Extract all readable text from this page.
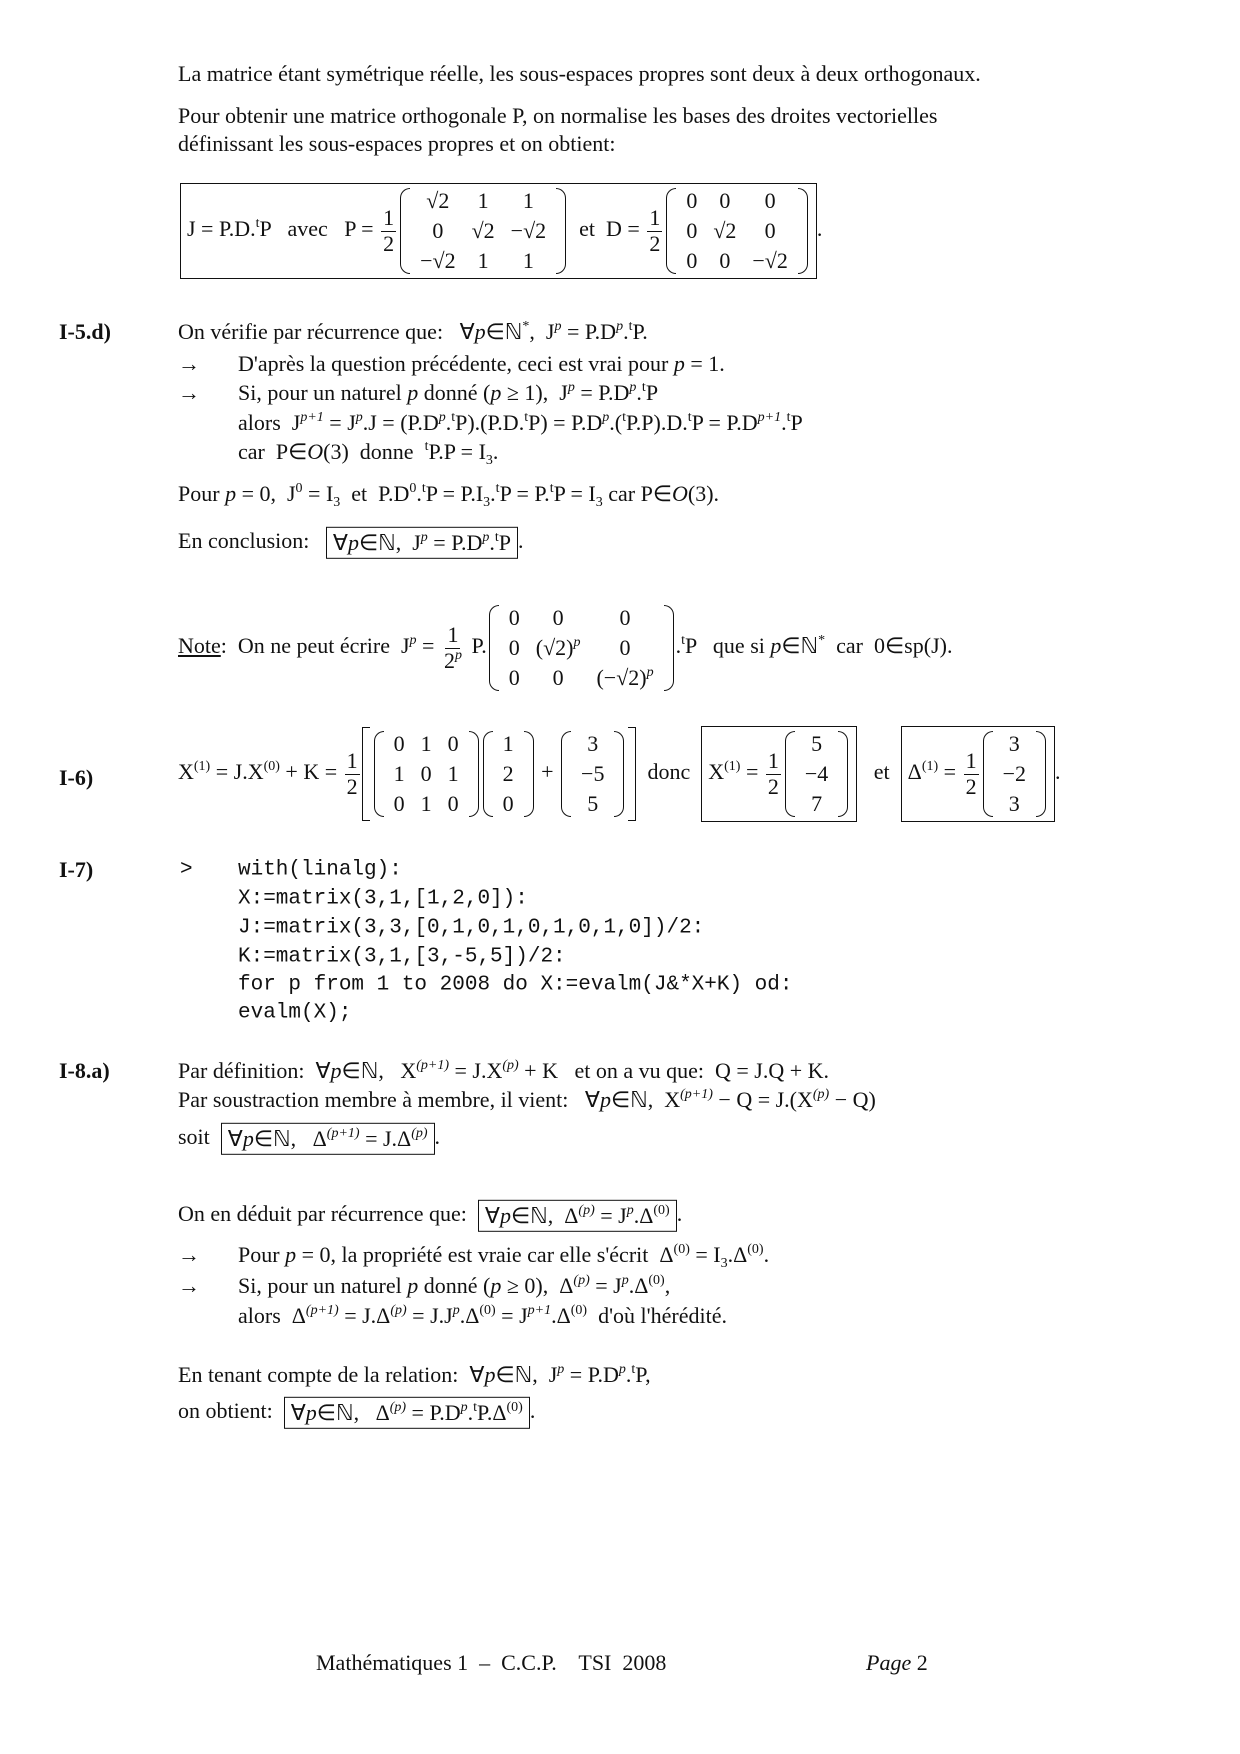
La matrice étant symétrique réelle, les sous-espaces propres sont deux à deux orthogonaux.
Pour obtenir une matrice orthogonale P, on normalise les bases des droites vectorielles
définissant les sous-espaces propres et on obtient:
J = P.D.$^t$P   avec   $P = \frac{1}{2}$
√2	1	1
0	√2	−√2
−√2	1	1
et  $D = \frac{1}{2}$
0	0	0
0	√2	0
0	0	−√2
.
I-5.d)	On vérifie par récurrence que:   ∀p∈ℕ*,  $J^p = P.D^p.^tP$.
→ D'après la question précédente, ceci est vrai pour p = 1.
→ Si, pour un naturel p donné (p ≥ 1),  $J^p = P.D^p.^tP$
alors  $J^{p+1} = J^p.J = (P.D^p.^tP).(P.D.^tP) = P.D^p.(^tP.P).D.^tP = P.D^{p+1}.^tP$
car  P∈O(3)  donne  $^tP.P = I_3$.
Pour p = 0,  $J^0 = I_3$  et  $P.D^0.^tP = P.I_3.^tP = P.^tP = I_3$ car P∈O(3).
En conclusion:   ∀p∈ℕ,  $J^p = P.D^p.^tP$ .
Note:  On ne peut écrire  $J^p = \frac{1}{2^p} P$.
0	0	0
0	$(√2)^p$	0
0	0	$(-√2)^p$
.$^t$P   que si p∈ℕ*  car  0∈sp(J).
I-6)	$X^{(1)} = J.X^{(0)} + K = \frac{1}{2}$
0	1	0
1	0	1
0	1	0
1
2
0
+
3
−5
5
donc  $X^{(1)} = \frac{1}{2}$
5
−4
7
et  $\Delta^{(1)} = \frac{1}{2}$
3
−2
3
.
I-7)	> with(linalg):
X:=matrix(3,1,[1,2,0]):
J:=matrix(3,3,[0,1,0,1,0,1,0,1,0])/2:
K:=matrix(3,1,[3,-5,5])/2:
for p from 1 to 2008 do X:=evalm(J&*X+K) od:
evalm(X);
I-8.a)	Par définition:  ∀p∈ℕ,   $X^{(p+1)} = J.X^{(p)} + K$   et on a vu que:  Q = J.Q + K.
Par soustraction membre à membre, il vient:   ∀p∈ℕ,  $X^{(p+1)} - Q = J.(X^{(p)} - Q)$
soit  ∀p∈ℕ,   $\Delta^{(p+1)} = J.\Delta^{(p)}$ .
On en déduit par récurrence que:  ∀p∈ℕ,  $\Delta^{(p)} = J^p.\Delta^{(0)}$ .
→ Pour p = 0, la propriété est vraie car elle s'écrit  $\Delta^{(0)} = I_3.\Delta^{(0)}$.
→ Si, pour un naturel p donné (p ≥ 0),  $\Delta^{(p)} = J^p.\Delta^{(0)}$,
alors  $\Delta^{(p+1)} = J.\Delta^{(p)} = J.J^p.\Delta^{(0)} = J^{p+1}.\Delta^{(0)}$  d'où l'hérédité.
En tenant compte de la relation:  ∀p∈ℕ,  $J^p = P.D^p.^tP$,
on obtient:  ∀p∈ℕ,   $\Delta^{(p)} = P.D^p.^tP.\Delta^{(0)}$ .
Mathématiques 1  –  C.C.P.    TSI  2008	Page 2
